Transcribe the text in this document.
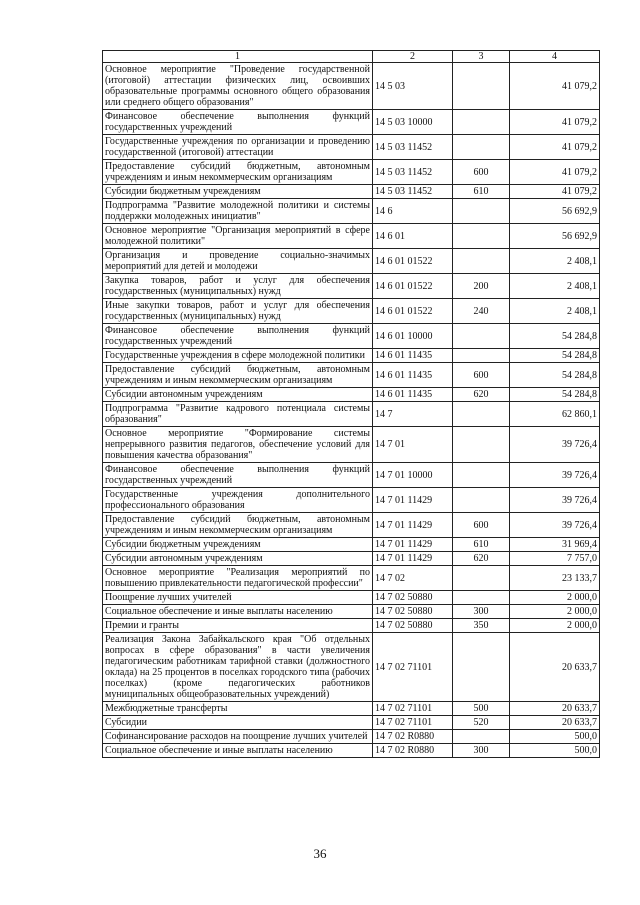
1	2	3	4
Основное мероприятие "Проведение государственной (итоговой) аттестации физических лиц, освоивших образовательные программы основного общего образования или среднего общего образования"	14 5 03		41 079,2
Финансовое обеспечение выполнения функций государственных учреждений	14 5 03 10000		41 079,2
Государственные учреждения по организации и проведению государственной (итоговой) аттестации	14 5 03 11452		41 079,2
Предоставление субсидий бюджетным, автономным учреждениям и иным некоммерческим организациям	14 5 03 11452	600	41 079,2
Субсидии бюджетным учреждениям	14 5 03 11452	610	41 079,2
Подпрограмма "Развитие молодежной политики и системы поддержки молодежных инициатив"	14 6		56 692,9
Основное мероприятие "Организация мероприятий в сфере молодежной политики"	14 6 01		56 692,9
Организация и проведение социально-значимых мероприятий для детей и молодежи	14 6 01 01522		2 408,1
Закупка товаров, работ и услуг для обеспечения государственных (муниципальных) нужд	14 6 01 01522	200	2 408,1
Иные закупки товаров, работ и услуг для обеспечения государственных (муниципальных) нужд	14 6 01 01522	240	2 408,1
Финансовое обеспечение выполнения функций государственных учреждений	14 6 01 10000		54 284,8
Государственные учреждения в сфере молодежной политики	14 6 01 11435		54 284,8
Предоставление субсидий бюджетным, автономным учреждениям и иным некоммерческим организациям	14 6 01 11435	600	54 284,8
Субсидии автономным учреждениям	14 6 01 11435	620	54 284,8
Подпрограмма "Развитие кадрового потенциала системы образования"	14 7		62 860,1
Основное мероприятие "Формирование системы непрерывного развития педагогов, обеспечение условий для повышения качества образования"	14 7 01		39 726,4
Финансовое обеспечение выполнения функций государственных учреждений	14 7 01 10000		39 726,4
Государственные учреждения дополнительного профессионального образования	14 7 01 11429		39 726,4
Предоставление субсидий бюджетным, автономным учреждениям и иным некоммерческим организациям	14 7 01 11429	600	39 726,4
Субсидии бюджетным учреждениям	14 7 01 11429	610	31 969,4
Субсидии автономным учреждениям	14 7 01 11429	620	7 757,0
Основное мероприятие "Реализация мероприятий по повышению привлекательности педагогической профессии"	14 7 02		23 133,7
Поощрение лучших учителей	14 7 02 50880		2 000,0
Социальное обеспечение и иные выплаты населению	14 7 02 50880	300	2 000,0
Премии и гранты	14 7 02 50880	350	2 000,0
Реализация Закона Забайкальского края "Об отдельных вопросах в сфере образования" в части увеличения педагогическим работникам тарифной ставки (должностного оклада) на 25 процентов в поселках городского типа (рабочих поселках) (кроме педагогических работников муниципальных общеобразовательных учреждений)	14 7 02 71101		20 633,7
Межбюджетные трансферты	14 7 02 71101	500	20 633,7
Субсидии	14 7 02 71101	520	20 633,7
Софинансирование расходов на поощрение лучших учителей	14 7 02 R0880		500,0
Социальное обеспечение и иные выплаты населению	14 7 02 R0880	300	500,0
36
